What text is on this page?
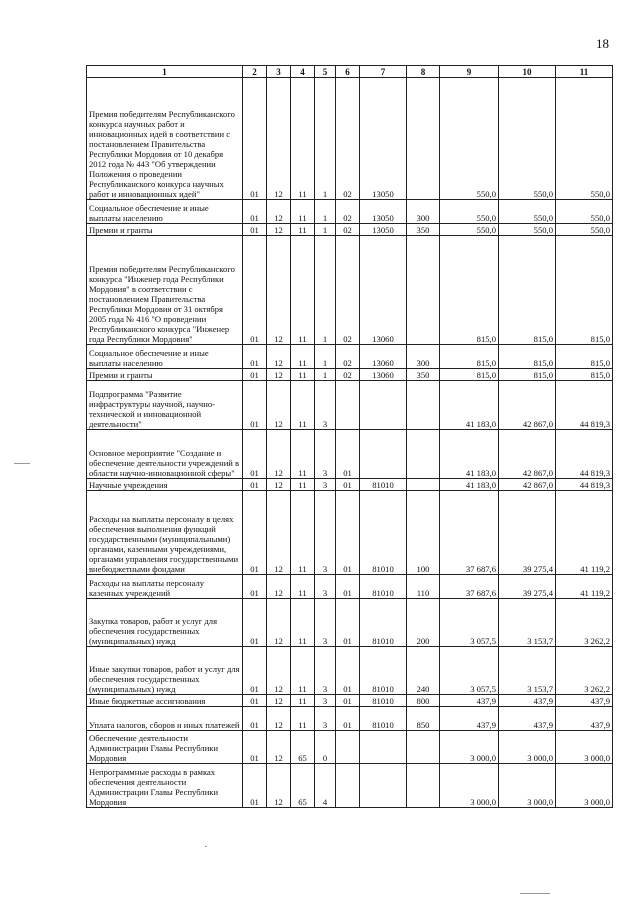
18
1	2	3	4	5	6	7	8	9	10	11
Премия победителям Республиканского конкурса научных работ и инновационных идей в соответствии с постановлением Правительства Республики Мордовия от 10 декабря 2012 года № 443 "Об утверждении Положения о проведении Республиканского конкурса научных работ и инновационных идей"	01	12	11	1	02	13050		550,0	550,0	550,0
Социальное обеспечение и иные выплаты населению	01	12	11	1	02	13050	300	550,0	550,0	550,0
Премии и гранты	01	12	11	1	02	13050	350	550,0	550,0	550,0
Премия победителям Республиканского конкурса "Инженер года Республики Мордовия" в соответствии с постановлением Правительства Республики Мордовия от 31 октября 2005 года № 416 "О проведении Республиканского конкурса "Инженер года Республики Мордовия"	01	12	11	1	02	13060		815,0	815,0	815,0
Социальное обеспечение и иные выплаты населению	01	12	11	1	02	13060	300	815,0	815,0	815,0
Премии и гранты	01	12	11	1	02	13060	350	815,0	815,0	815,0
Подпрограмма "Развитие инфраструктуры научной, научно-технической и инновационной деятельности"	01	12	11	3				41 183,0	42 867,0	44 819,3
Основное мероприятие "Создание и обеспечение деятельности учреждений в области научно-инновационной сферы"	01	12	11	3	01			41 183,0	42 867,0	44 819,3
Научные учреждения	01	12	11	3	01	81010		41 183,0	42 867,0	44 819,3
Расходы на выплаты персоналу в целях обеспечения выполнения функций государственными (муниципальными) органами, казенными учреждениями, органами управления государственными внебюджетными фондами	01	12	11	3	01	81010	100	37 687,6	39 275,4	41 119,2
Расходы на выплаты персоналу казенных учреждений	01	12	11	3	01	81010	110	37 687,6	39 275,4	41 119,2
Закупка товаров, работ и услуг для обеспечения государственных (муниципальных) нужд	01	12	11	3	01	81010	200	3 057,5	3 153,7	3 262,2
Иные закупки товаров, работ и услуг для обеспечения государственных (муниципальных) нужд	01	12	11	3	01	81010	240	3 057,5	3 153,7	3 262,2
Иные бюджетные ассигнования	01	12	11	3	01	81010	800	437,9	437,9	437,9
Уплата налогов, сборов и иных платежей	01	12	11	3	01	81010	850	437,9	437,9	437,9
Обеспечение деятельности Администрации Главы Республики Мордовия	01	12	65	0				3 000,0	3 000,0	3 000,0
Непрограммные расходы в рамках обеспечения деятельности Администрации Главы Республики Мордовия	01	12	65	4				3 000,0	3 000,0	3 000,0
